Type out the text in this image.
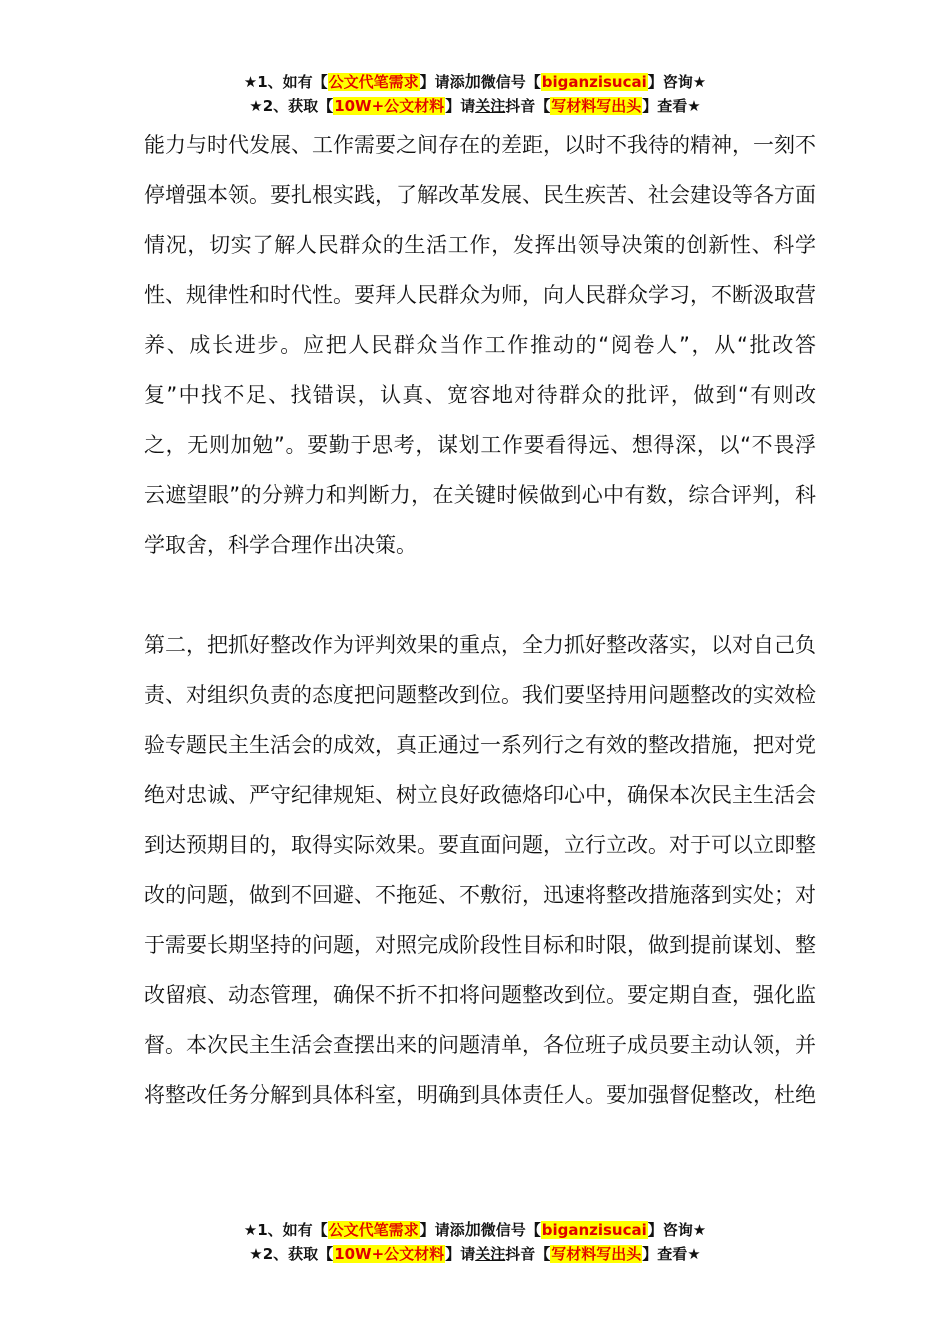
★1、如有【公文代笔需求】请添加微信号【biganzisucai】咨询★
★2、获取【10W+公文材料】请关注抖音【写材料写出头】查看★

能力与时代发展、工作需要之间存在的差距，以时不我待的精神，一刻不停增强本领。要扎根实践，了解改革发展、民生疾苦、社会建设等各方面情况，切实了解人民群众的生活工作，发挥出领导决策的创新性、科学性、规律性和时代性。要拜人民群众为师，向人民群众学习，不断汲取营养、成长进步。应把人民群众当作工作推动的“阅卷人”，从“批改答复”中找不足、找错误，认真、宽容地对待群众的批评，做到“有则改之，无则加勉”。要勤于思考，谋划工作要看得远、想得深，以“不畏浮云遮望眼”的分辨力和判断力，在关键时候做到心中有数，综合评判，科学取舍，科学合理作出决策。

第二，把抓好整改作为评判效果的重点，全力抓好整改落实，以对自己负责、对组织负责的态度把问题整改到位。我们要坚持用问题整改的实效检验专题民主生活会的成效，真正通过一系列行之有效的整改措施，把对党绝对忠诚、严守纪律规矩、树立良好政德烙印心中，确保本次民主生活会到达预期目的，取得实际效果。要直面问题，立行立改。对于可以立即整改的问题，做到不回避、不拖延、不敷衍，迅速将整改措施落到实处；对于需要长期坚持的问题，对照完成阶段性目标和时限，做到提前谋划、整改留痕、动态管理，确保不折不扣将问题整改到位。要定期自查，强化监督。本次民主生活会查摆出来的问题清单，各位班子成员要主动认领，并将整改任务分解到具体科室，明确到具体责任人。要加强督促整改，杜绝

★1、如有【公文代笔需求】请添加微信号【biganzisucai】咨询★
★2、获取【10W+公文材料】请关注抖音【写材料写出头】查看★
